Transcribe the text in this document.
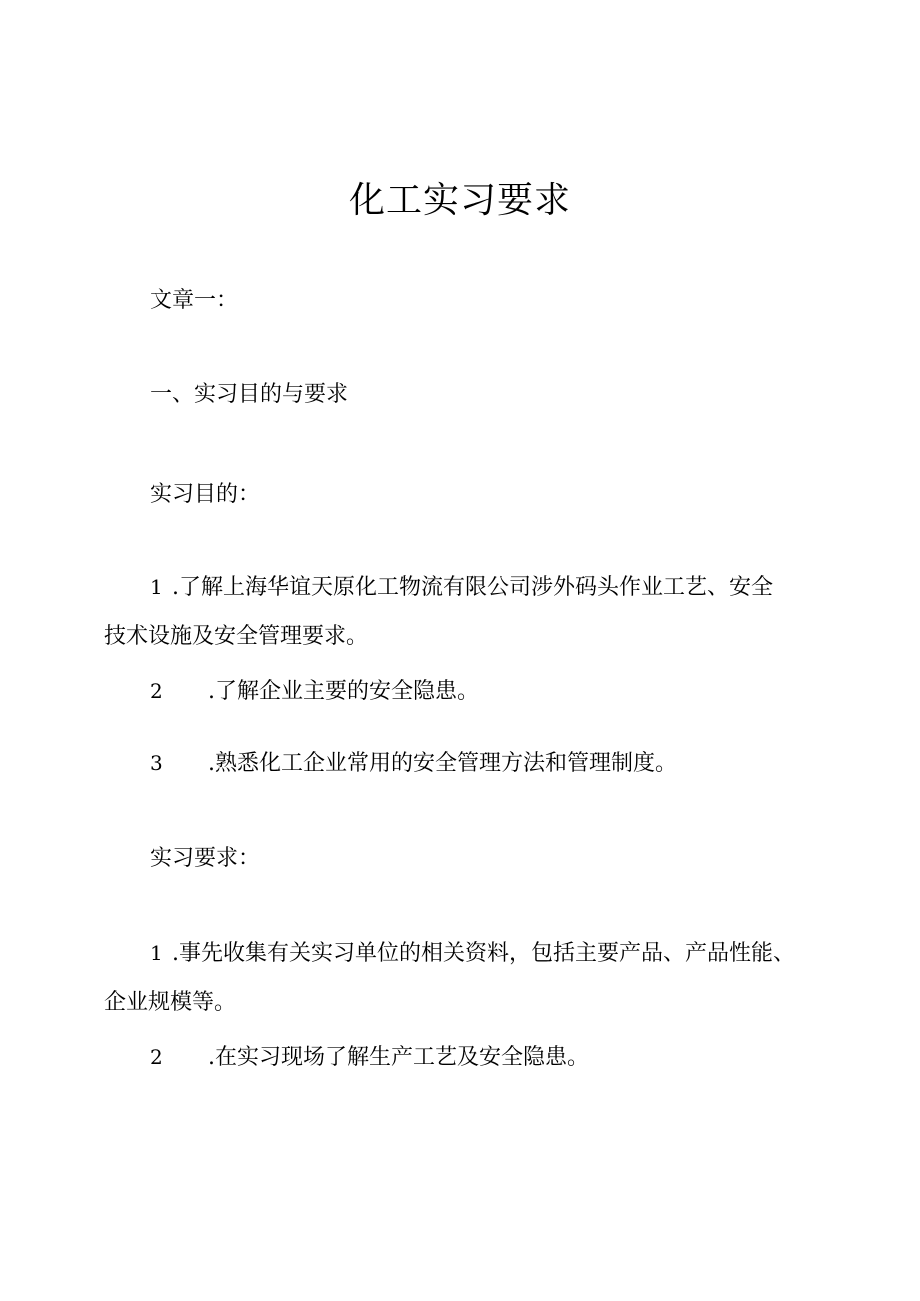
化工实习要求
文章一：
一、实习目的与要求
实习目的：
1 .了解上海华谊天原化工物流有限公司涉外码头作业工艺、安全
技术设施及安全管理要求。
2 .了解企业主要的安全隐患。
3 .熟悉化工企业常用的安全管理方法和管理制度。
实习要求：
1 .事先收集有关实习单位的相关资料，包括主要产品、产品性能、
企业规模等。
2 .在实习现场了解生产工艺及安全隐患。
